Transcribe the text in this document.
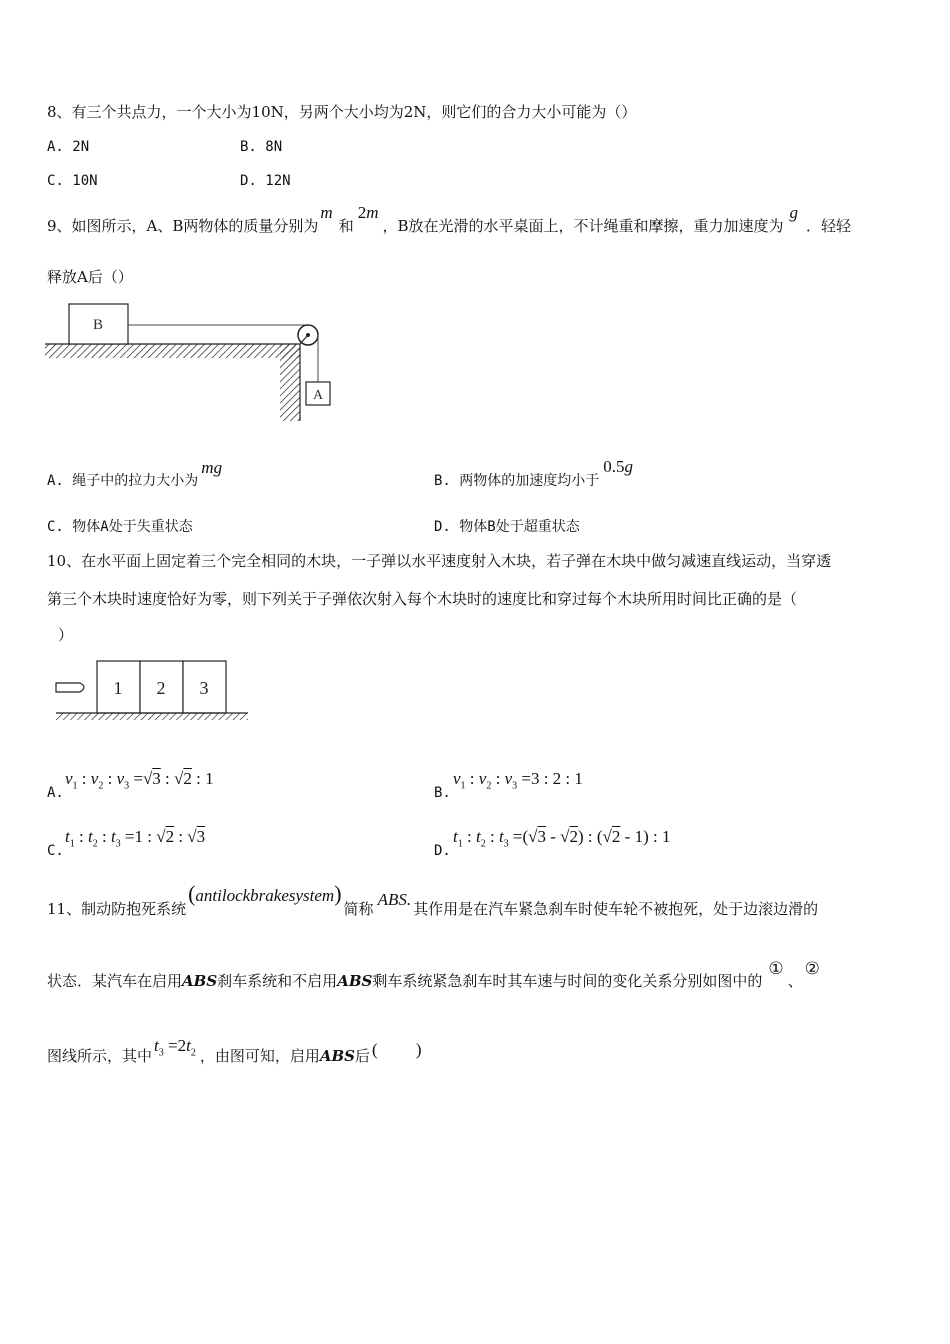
8、有三个共点力，一个大小为10N，另两个大小均为2N，则它们的合力大小可能为（）
A. 2N	B. 8N
C. 10N	D. 12N
9、如图所示，A、B两物体的质量分别为m和2m，B放在光滑的水平桌面上，不计绳重和摩擦，重力加速度为g．轻轻
释放A后（）
B
A
A. 绳子中的拉力大小为mg
B. 两物体的加速度均小于0.5g
C. 物体A处于失重状态	D. 物体B处于超重状态
10、在水平面上固定着三个完全相同的木块，一子弹以水平速度射入木块，若子弹在木块中做匀减速直线运动，当穿透
第三个木块时速度恰好为零，则下列关于子弹依次射入每个木块时的速度比和穿过每个木块所用时间比正确的是（
）
1 2 3
A.
$v_1$ : $v_2$ : $v_3 =√3$ : √2 : 1
B.
$v_1$ : $v_2$ : $v_3 =3$ : 2 : 1
C.
$t_1$ : $t_2$ : $t_3 =1$ : √2 : √3
D.
$t_1$ : $t_2$ : $t_3 =(√3 - √2)$ : (√2 - 1) : 1
11、制动防抱死系统(antilockbrakesystem)简称 ABS. 其作用是在汽车紧急刹车时使车轮不被抱死，处于边滚边滑的
状态．某汽车在启用ABS刹车系统和不启用ABS剩车系统紧急刹车时其车速与时间的变化关系分别如图中的①、②
图线所示，其中$t_3 =2t_2$ ，由图可知，启用ABS后 (         )
